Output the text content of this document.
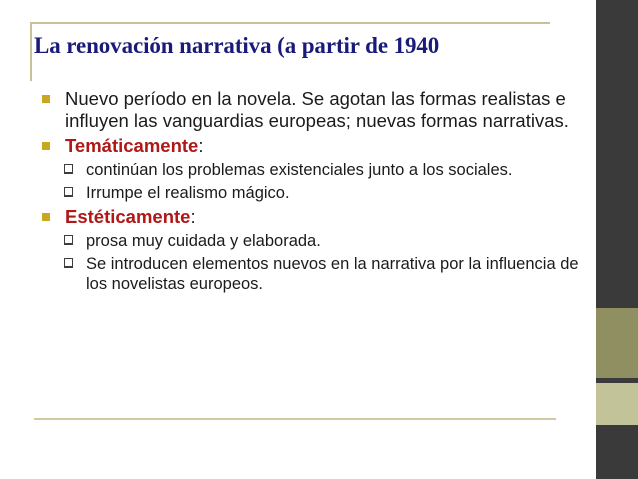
La renovación narrativa (a partir de 1940
Nuevo período en la novela. Se agotan las formas realistas e influyen las vanguardias europeas; nuevas formas narrativas.
Temáticamente:
continúan los problemas existenciales junto a los sociales.
Irrumpe el realismo mágico.
Estéticamente:
prosa muy cuidada y elaborada.
Se introducen elementos nuevos en la narrativa por la influencia de los novelistas europeos.
